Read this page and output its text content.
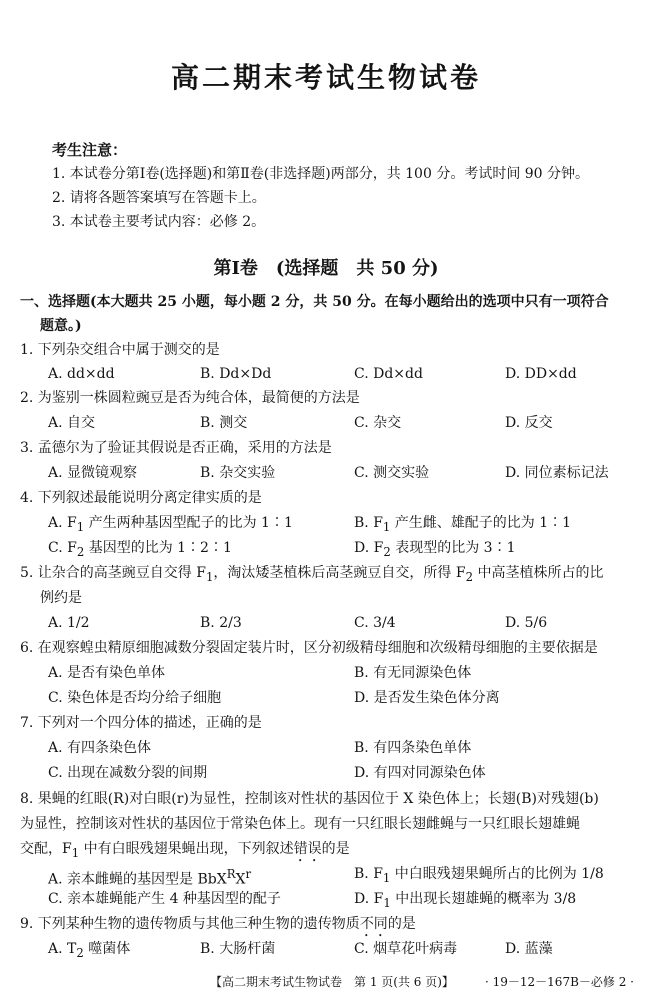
高二期末考试生物试卷
考生注意：
1. 本试卷分第Ⅰ卷(选择题)和第Ⅱ卷(非选择题)两部分，共 100 分。考试时间 90 分钟。
2. 请将各题答案填写在答题卡上。
3. 本试卷主要考试内容：必修 2。
第Ⅰ卷　(选择题　共 50 分)
一、选择题(本大题共 25 小题，每小题 2 分，共 50 分。在每小题给出的选项中只有一项符合
题意。)
1. 下列杂交组合中属于测交的是
A. dd×dd	B. Dd×Dd	C. Dd×dd	D. DD×dd
2. 为鉴别一株圆粒豌豆是否为纯合体，最简便的方法是
A. 自交	B. 测交	C. 杂交	D. 反交
3. 孟德尔为了验证其假说是否正确，采用的方法是
A. 显微镜观察	B. 杂交实验	C. 测交实验	D. 同位素标记法
4. 下列叙述最能说明分离定律实质的是
A. $F_1$ 产生两种基因型配子的比为 1∶1	B. $F_1$ 产生雌、雄配子的比为 1∶1
C. $F_2$ 基因型的比为 1∶2∶1	D. $F_2$ 表现型的比为 3∶1
5. 让杂合的高茎豌豆自交得 $F_1$，淘汰矮茎植株后高茎豌豆自交，所得 $F_2$ 中高茎植株所占的比
例约是
A. 1/2	B. 2/3	C. 3/4	D. 5/6
6. 在观察蝗虫精原细胞减数分裂固定装片时，区分初级精母细胞和次级精母细胞的主要依据是
A. 是否有染色单体	B. 有无同源染色体
C. 染色体是否均分给子细胞	D. 是否发生染色体分离
7. 下列对一个四分体的描述，正确的是
A. 有四条染色体	B. 有四条染色单体
C. 出现在减数分裂的间期	D. 有四对同源染色体
8. 果蝇的红眼(R)对白眼(r)为显性，控制该对性状的基因位于 X 染色体上；长翅(B)对残翅(b)
为显性，控制该对性状的基因位于常染色体上。现有一只红眼长翅雌蝇与一只红眼长翅雄蝇
交配，$F_1$ 中有白眼残翅果蝇出现，下列叙述错误的是
A. 亲本雌蝇的基因型是 $BbX^RX^r$	B. $F_1$ 中白眼残翅果蝇所占的比例为 1/8
C. 亲本雄蝇能产生 4 种基因型的配子	D. $F_1$ 中出现长翅雄蝇的概率为 3/8
9. 下列某种生物的遗传物质与其他三种生物的遗传物质不同的是
A. $T_2$ 噬菌体	B. 大肠杆菌	C. 烟草花叶病毒	D. 蓝藻
【高二期末考试生物试卷　第 1 页(共 6 页)】	· 19－12－167B－必修 2 ·
